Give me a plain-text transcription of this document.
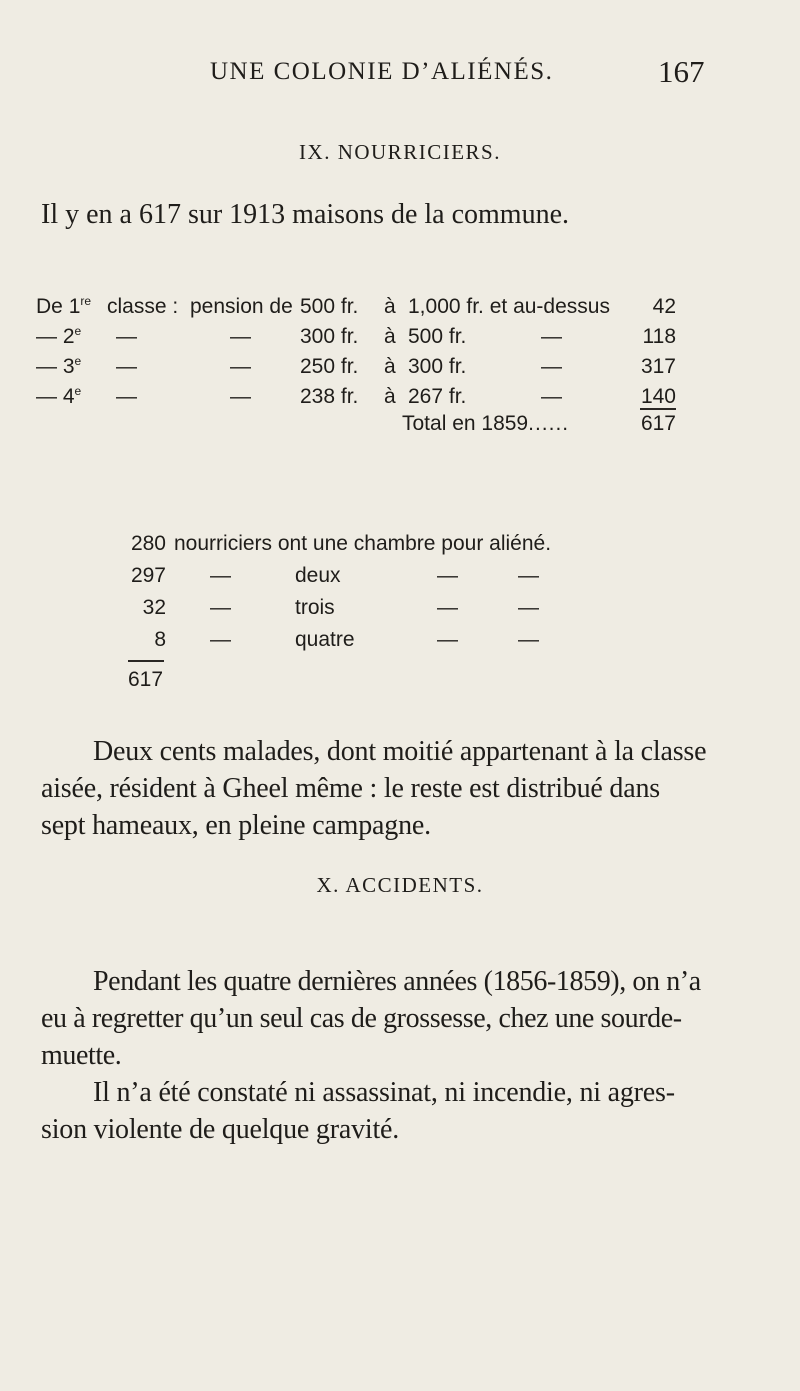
UNE COLONIE D’ALIÉNÉS.	167
IX. NOURRICIERS.

Il y en a 617 sur 1913 maisons de la commune.

De 1re classe : pension de 500 fr. à 1,000 fr. et au-dessus	42
— 2e —	— 300 fr. à 500 fr.	—	118
— 3e —	— 250 fr. à 300 fr.	—	317
— 4e —	— 238 fr. à 267 fr.	—	140
Total en 1859......	617
280 nourriciers ont une chambre pour aliéné.
297 —	deux	—	—
32 —	trois	—	—
8 —	quatre	—	—
617

Deux cents malades, dont moitié appartenant à la classe

aisée, résident à Gheel même : le reste est distribué dans

sept hameaux, en pleine campagne.

X. ACCIDENTS.

Pendant les quatre dernières années (1856-1859), on n’a

eu à regretter qu’un seul cas de grossesse, chez une sourde-

muette.

Il n’a été constaté ni assassinat, ni incendie, ni agres-

sion violente de quelque gravité.
